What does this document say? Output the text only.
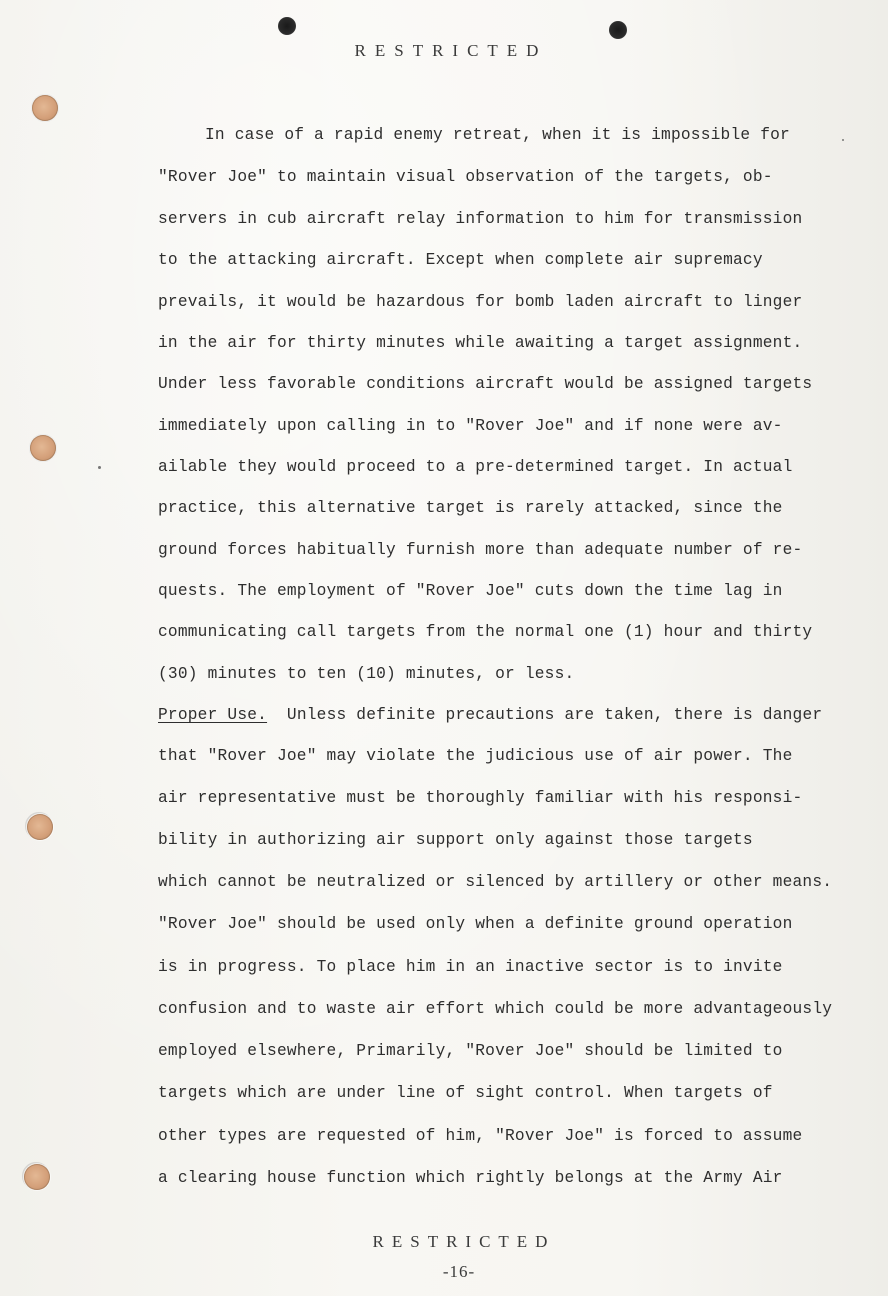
RESTRICTED
In case of a rapid enemy retreat, when it is impossible for
"Rover Joe" to maintain visual observation of the targets, ob-
servers in cub aircraft relay information to him for transmission
to the attacking aircraft. Except when complete air supremacy
prevails, it would be hazardous for bomb laden aircraft to linger
in the air for thirty minutes while awaiting a target assignment.
Under less favorable conditions aircraft would be assigned targets
immediately upon calling in to "Rover Joe" and if none were av-
ailable they would proceed to a pre-determined target. In actual
practice, this alternative target is rarely attacked, since the
ground forces habitually furnish more than adequate number of re-
quests. The employment of "Rover Joe" cuts down the time lag in
communicating call targets from the normal one (1) hour and thirty
(30) minutes to ten (10) minutes, or less.
Proper Use. Unless definite precautions are taken, there is danger
that "Rover Joe" may violate the judicious use of air power. The
air representative must be thoroughly familiar with his responsi-
bility in authorizing air support only against those targets
which cannot be neutralized or silenced by artillery or other means.
"Rover Joe" should be used only when a definite ground operation
is in progress. To place him in an inactive sector is to invite
confusion and to waste air effort which could be more advantageously
employed elsewhere, Primarily, "Rover Joe" should be limited to
targets which are under line of sight control. When targets of
other types are requested of him, "Rover Joe" is forced to assume
a clearing house function which rightly belongs at the Army Air
RESTRICTED
-16-
